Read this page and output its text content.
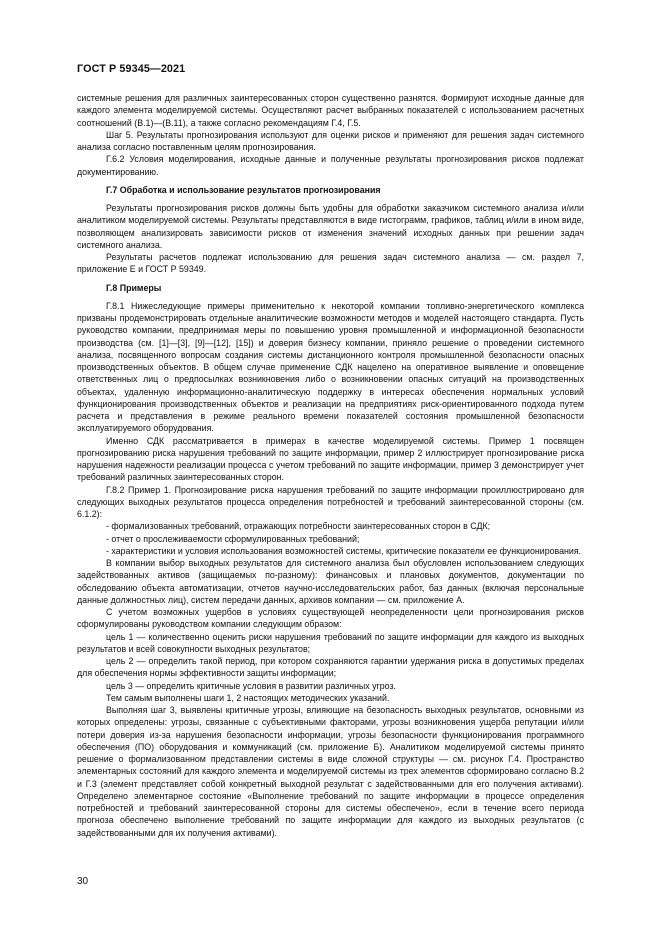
ГОСТ Р 59345—2021

системные решения для различных заинтересованных сторон существенно разнятся. Формируют исходные данные для каждого элемента моделируемой системы. Осуществляют расчет выбранных показателей с использованием расчетных соотношений (В.1)—(В.11), а также согласно рекомендациям Г.4, Г.5.

Шаг 5. Результаты прогнозирования используют для оценки рисков и применяют для решения задач системного анализа согласно поставленным целям прогнозирования.

Г.6.2 Условия моделирования, исходные данные и полученные результаты прогнозирования рисков подлежат документированию.

Г.7 Обработка и использование результатов прогнозирования

Результаты прогнозирования рисков должны быть удобны для обработки заказчиком системного анализа и/или аналитиком моделируемой системы. Результаты представляются в виде гистограмм, графиков, таблиц и/или в ином виде, позволяющем анализировать зависимости рисков от изменения значений исходных данных при решении задач системного анализа.

Результаты расчетов подлежат использованию для решения задач системного анализа — см. раздел 7, приложение Е и ГОСТ Р 59349.

Г.8 Примеры

Г.8.1 Нижеследующие примеры применительно к некоторой компании топливно-энергетического комплекса призваны продемонстрировать отдельные аналитические возможности методов и моделей настоящего стандарта. Пусть руководство компании, предпринимая меры по повышению уровня промышленной и информационной безопасности производства (см. [1]—[3], [9]—[12], [15]) и доверия бизнесу компании, приняло решение о проведении системного анализа, посвященного вопросам создания системы дистанционного контроля промышленной безопасности опасных производственных объектов. В общем случае применение СДК нацелено на оперативное выявление и оповещение ответственных лиц о предпосылках возникновения либо о возникновении опасных ситуаций на производственных объектах, удаленную информационно-аналитическую поддержку в интересах обеспечения нормальных условий функционирования производственных объектов и реализации на предприятиях риск-ориентированного подхода путем расчета и представления в режиме реального времени показателей состояния промышленной безопасности эксплуатируемого оборудования.

Именно СДК рассматривается в примерах в качестве моделируемой системы. Пример 1 посвящен прогнозированию риска нарушения требований по защите информации, пример 2 иллюстрирует прогнозирование риска нарушения надежности реализации процесса с учетом требований по защите информации, пример 3 демонстрирует учет требований различных заинтересованных сторон.

Г.8.2 Пример 1. Прогнозирование риска нарушения требований по защите информации проиллюстрировано для следующих выходных результатов процесса определения потребностей и требований заинтересованной стороны (см. 6.1.2):

- формализованных требований, отражающих потребности заинтересованных сторон в СДК;

- отчет о прослеживаемости сформулированных требований;

- характеристики и условия использования возможностей системы, критические показатели ее функционирования.

В компании выбор выходных результатов для системного анализа был обусловлен использованием следующих задействованных активов (защищаемых по-разному): финансовых и плановых документов, документации по обследованию объекта автоматизации, отчетов научно-исследовательских работ, баз данных (включая персональные данные должностных лиц), систем передачи данных, архивов компании — см. приложение А.

С учетом возможных ущербов в условиях существующей неопределенности цели прогнозирования рисков сформулированы руководством компании следующим образом:

цель 1 — количественно оценить риски нарушения требований по защите информации для каждого из выходных результатов и всей совокупности выходных результатов;

цель 2 — определить такой период, при котором сохраняются гарантии удержания риска в допустимых пределах для обеспечения нормы эффективности защиты информации;

цель 3 — определить критичные условия в развитии различных угроз.

Тем самым выполнены шаги 1, 2 настоящих методических указаний.

Выполняя шаг 3, выявлены критичные угрозы, влияющие на безопасность выходных результатов, основными из которых определены: угрозы, связанные с субъективными факторами, угрозы возникновения ущерба репутации и/или потери доверия из-за нарушения безопасности информации, угрозы безопасности функционирования программного обеспечения (ПО) оборудования и коммуникаций (см. приложение Б). Аналитиком моделируемой системы принято решение о формализованном представлении системы в виде сложной структуры — см. рисунок Г.4. Пространство элементарных состояний для каждого элемента и моделируемой системы из трех элементов сформировано согласно В.2 и Г.3 (элемент представляет собой конкретный выходной результат с задействованными для его получения активами). Определено элементарное состояние «Выполнение требований по защите информации в процессе определения потребностей и требований заинтересованной стороны для системы обеспечено», если в течение всего периода прогноза обеспечено выполнение требований по защите информации для каждого из выходных результатов (с задействованными для их получения активами).

30
